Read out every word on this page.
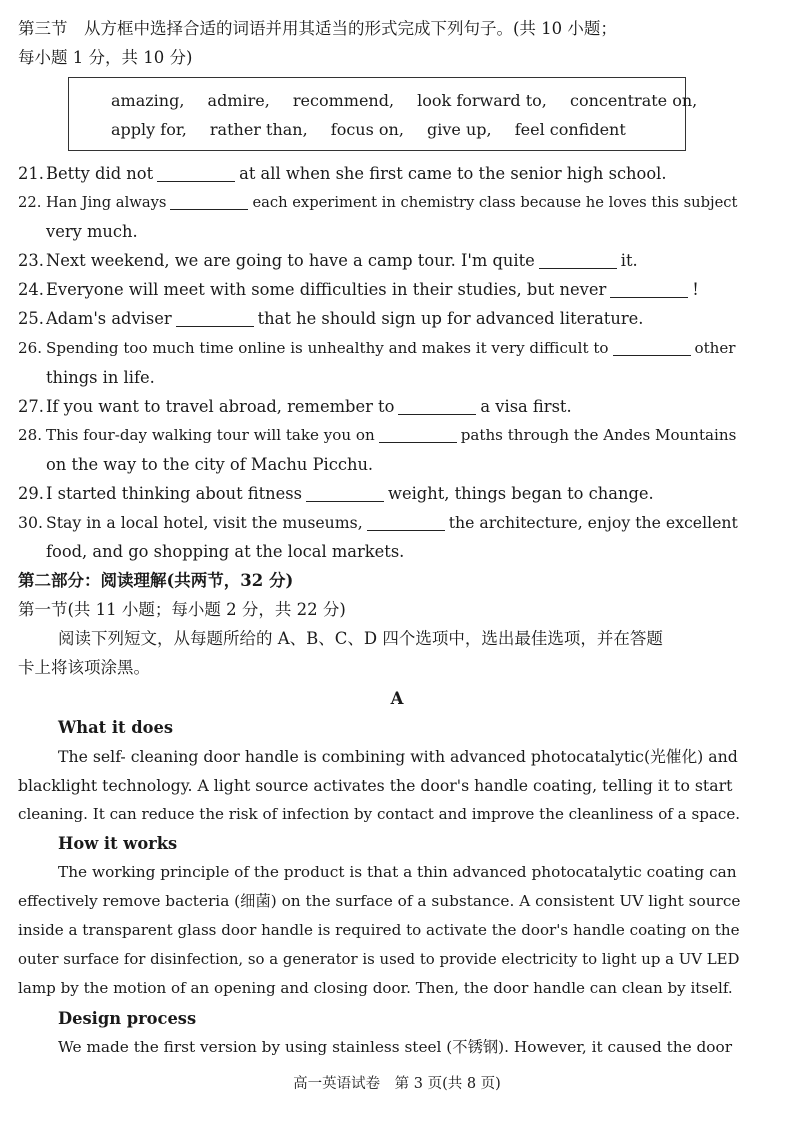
第三节　从方框中选择合适的词语并用其适当的形式完成下列句子。(共 10 小题；
每小题 1 分，共 10 分)
amazing, admire, recommend, look forward to, concentrate on,
apply for, rather than, focus on, give up, feel confident
21. Betty did not	at all when she first came to the senior high school.
22. Han Jing always	each experiment in chemistry class because he loves this subject
very much.
23. Next weekend, we are going to have a camp tour. I'm quite	it.
24. Everyone will meet with some difficulties in their studies, but never	!
25. Adam's adviser	that he should sign up for advanced literature.
26. Spending too much time online is unhealthy and makes it very difficult to	other
things in life.
27. If you want to travel abroad, remember to	a visa first.
28. This four-day walking tour will take you on	paths through the Andes Mountains
on the way to the city of Machu Picchu.
29. I started thinking about fitness	weight, things began to change.
30. Stay in a local hotel, visit the museums,	the architecture, enjoy the excellent
food, and go shopping at the local markets.
第二部分：阅读理解(共两节，32 分)
第一节(共 11 小题；每小题 2 分，共 22 分)
阅读下列短文，从每题所给的 A、B、C、D 四个选项中，选出最佳选项，并在答题
卡上将该项涂黑。
A
What it does
The self- cleaning door handle is combining with advanced photocatalytic(光催化) and
blacklight technology. A light source activates the door's handle coating, telling it to start
cleaning. It can reduce the risk of infection by contact and improve the cleanliness of a space.
How it works
The working principle of the product is that a thin advanced photocatalytic coating can
effectively remove bacteria (细菌) on the surface of a substance. A consistent UV light source
inside a transparent glass door handle is required to activate the door's handle coating on the
outer surface for disinfection, so a generator is used to provide electricity to light up a UV LED
lamp by the motion of an opening and closing door. Then, the door handle can clean by itself.
Design process
We made the first version by using stainless steel (不锈钢). However, it caused the door
高一英语试卷　第 3 页(共 8 页)
